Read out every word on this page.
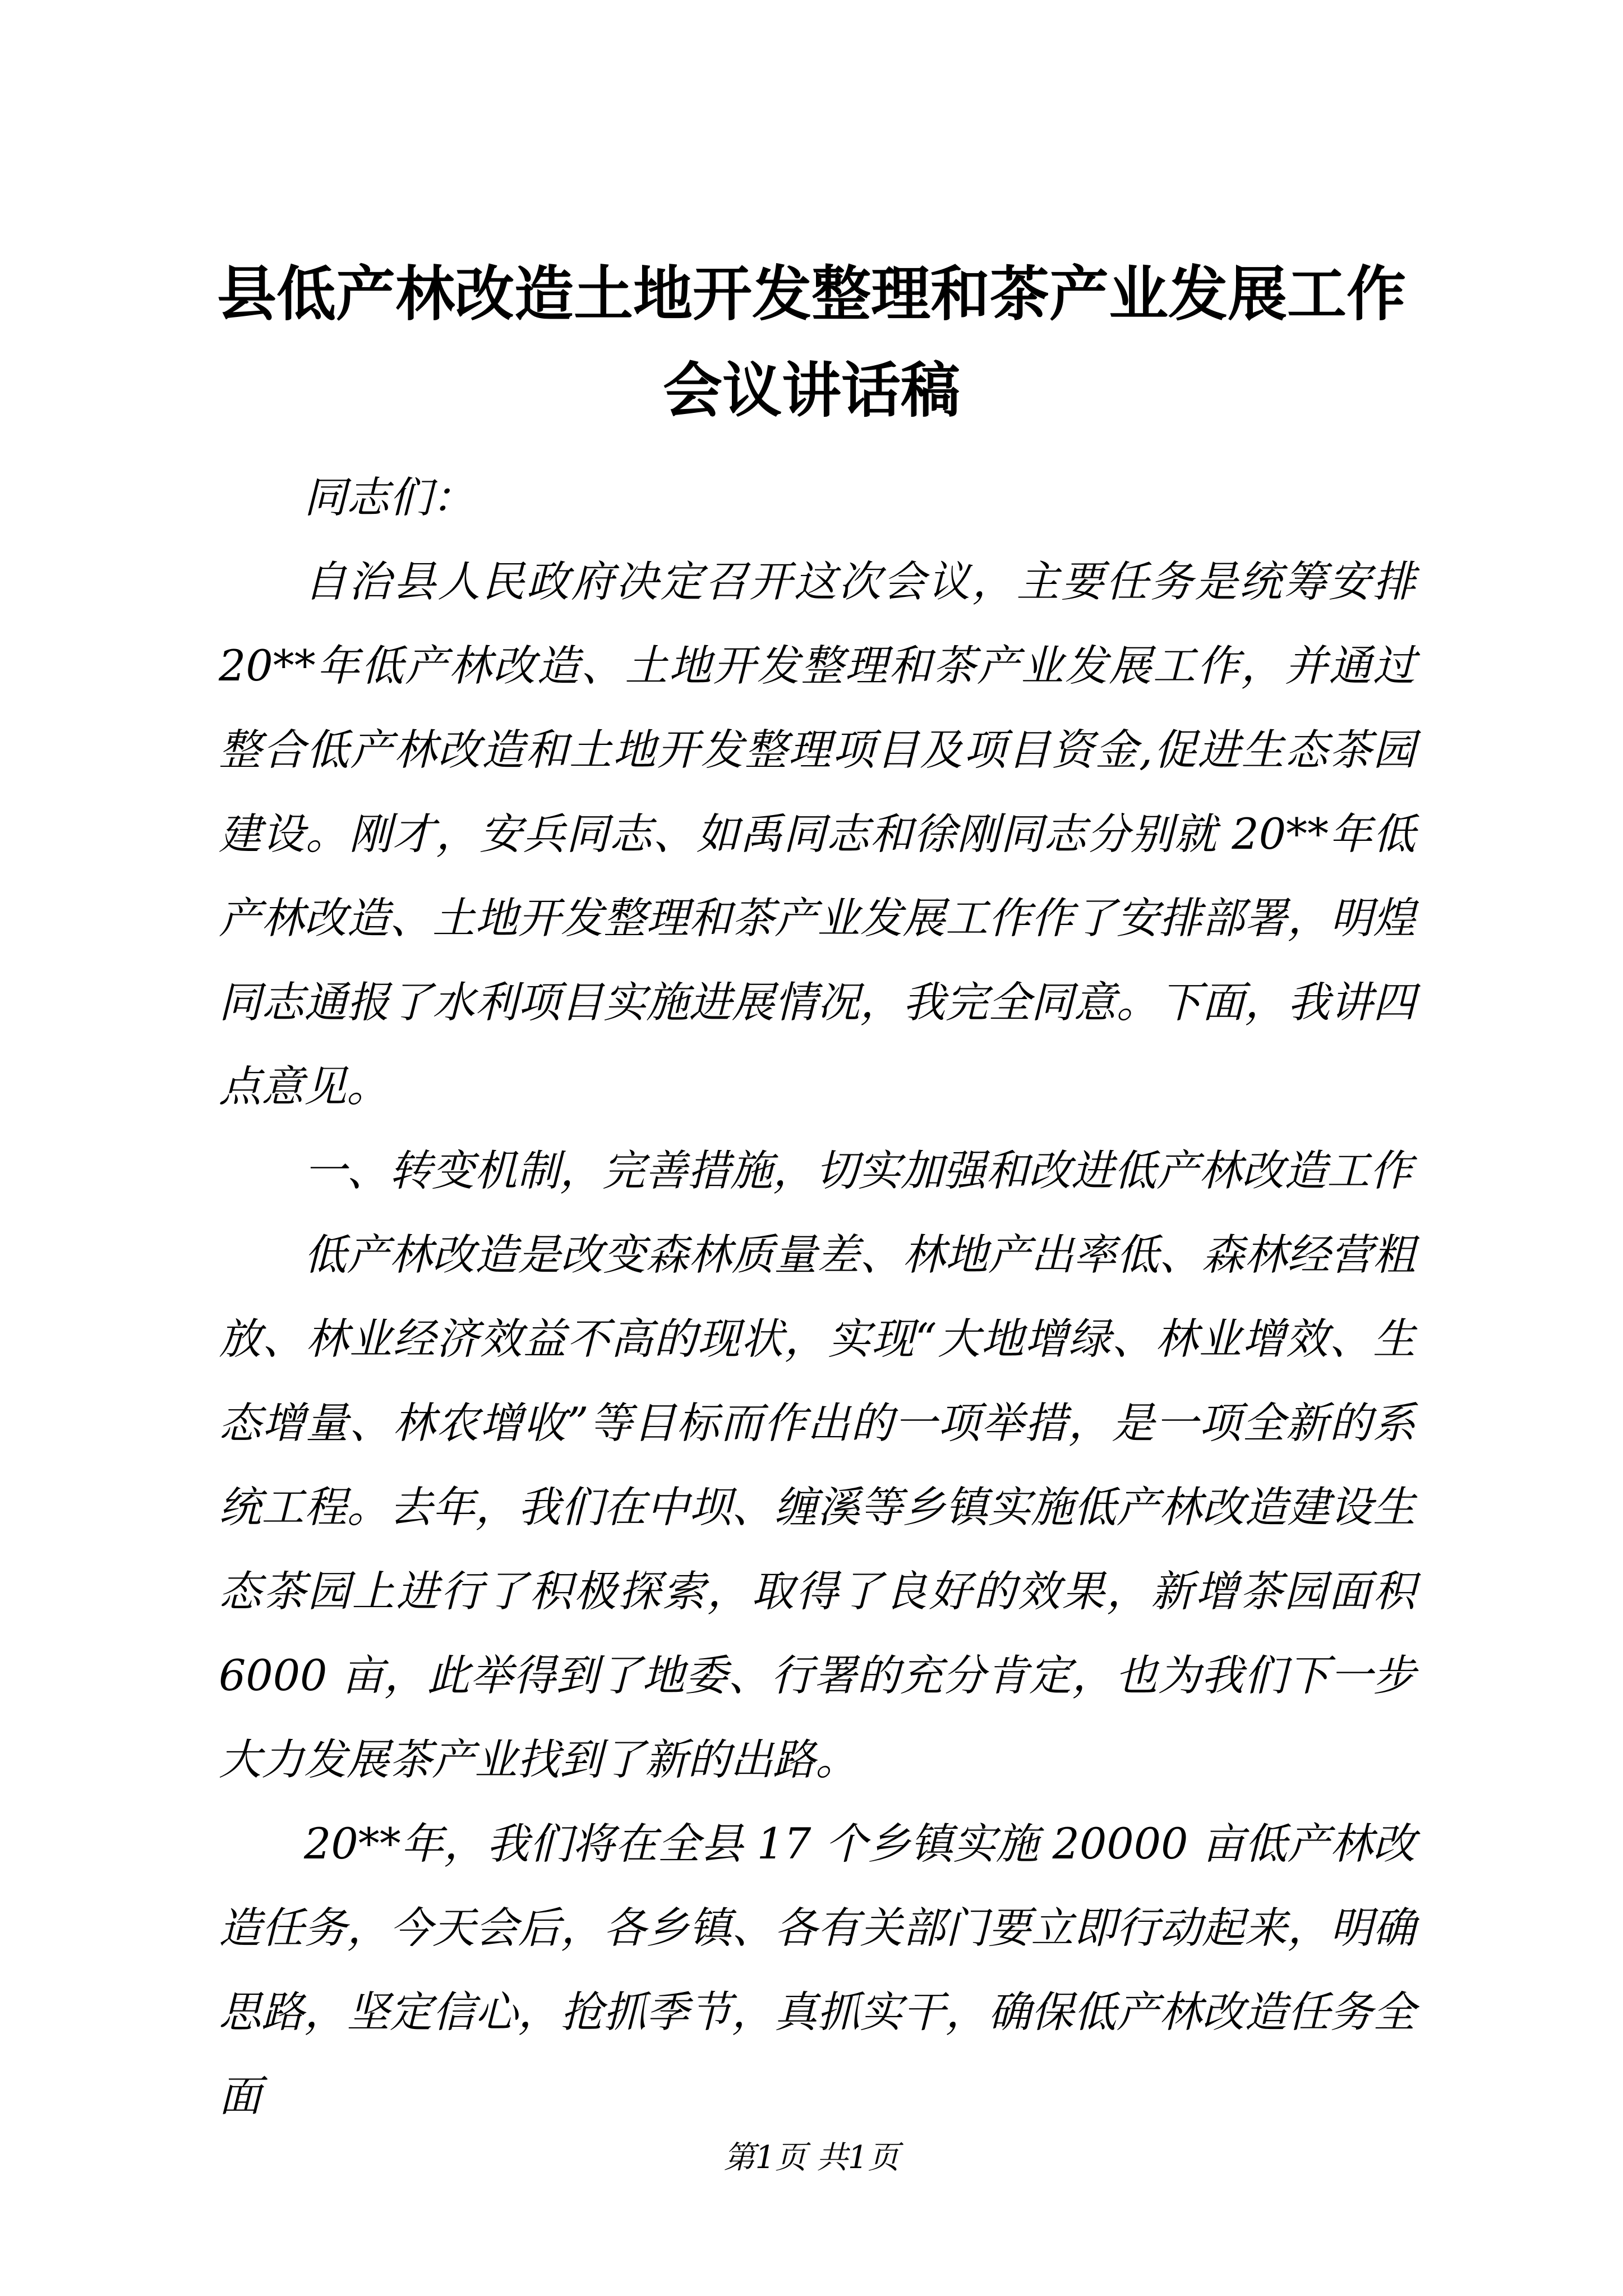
县低产林改造土地开发整理和茶产业发展工作
会议讲话稿

同志们：

自治县人民政府决定召开这次会议，主要任务是统筹安排 20**年低产林改造、土地开发整理和茶产业发展工作，并通过整合低产林改造和土地开发整理项目及项目资金,促进生态茶园建设。刚才，安兵同志、如禹同志和徐刚同志分别就 20**年低产林改造、土地开发整理和茶产业发展工作作了安排部署，明煌同志通报了水利项目实施进展情况，我完全同意。下面，我讲四点意见。

一、转变机制，完善措施，切实加强和改进低产林改造工作

低产林改造是改变森林质量差、林地产出率低、森林经营粗放、林业经济效益不高的现状，实现“大地增绿、林业增效、生态增量、林农增收”等目标而作出的一项举措，是一项全新的系统工程。去年，我们在中坝、缠溪等乡镇实施低产林改造建设生态茶园上进行了积极探索，取得了良好的效果，新增茶园面积 6000 亩，此举得到了地委、行署的充分肯定，也为我们下一步大力发展茶产业找到了新的出路。

20**年，我们将在全县 17 个乡镇实施 20000 亩低产林改造任务，今天会后，各乡镇、各有关部门要立即行动起来，明确思路，坚定信心，抢抓季节，真抓实干，确保低产林改造任务全面

第1页 共1页
